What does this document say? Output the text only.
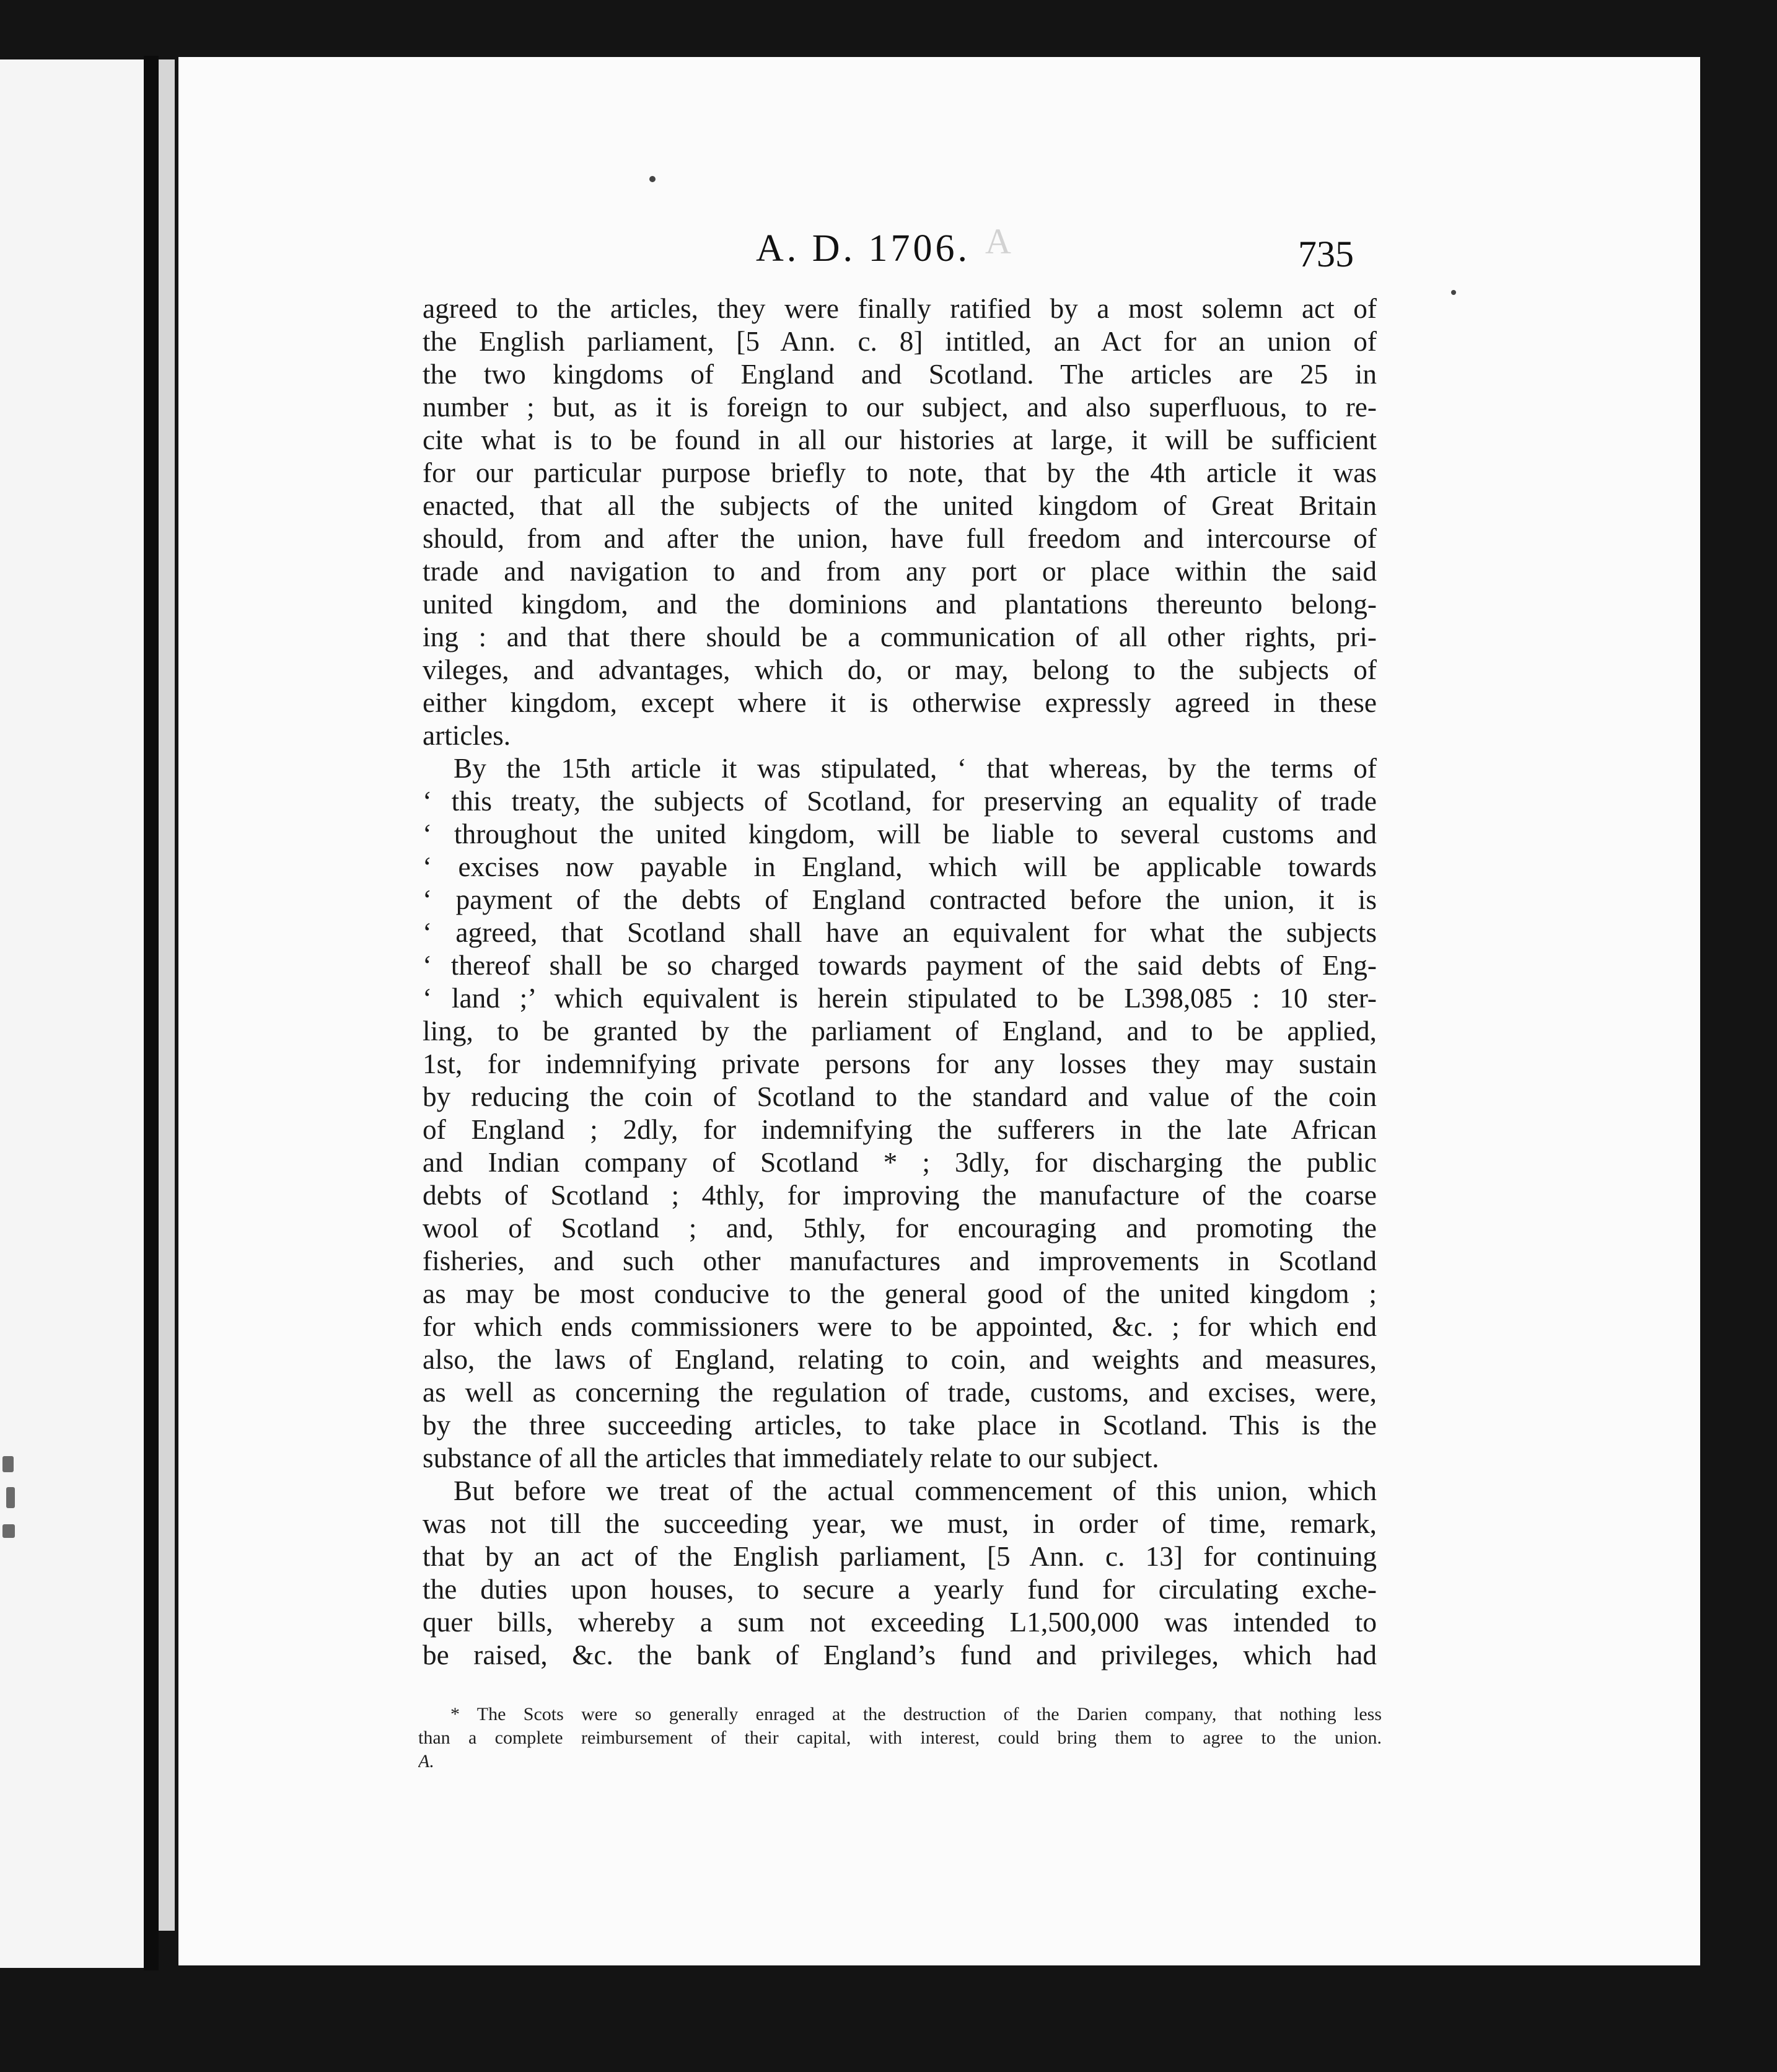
A. D. 1706. A	735
agreed to the articles, they were finally ratified by a most solemn act of
the English parliament, [5 Ann. c. 8] intitled, an Act for an union of
the two kingdoms of England and Scotland. The articles are 25 in
number ; but, as it is foreign to our subject, and also superfluous, to re-
cite what is to be found in all our histories at large, it will be sufficient
for our particular purpose briefly to note, that by the 4th article it was
enacted, that all the subjects of the united kingdom of Great Britain
should, from and after the union, have full freedom and intercourse of
trade and navigation to and from any port or place within the said
united kingdom, and the dominions and plantations thereunto belong-
ing : and that there should be a communication of all other rights, pri-
vileges, and advantages, which do, or may, belong to the subjects of
either kingdom, except where it is otherwise expressly agreed in these
articles.
By the 15th article it was stipulated, ‘ that whereas, by the terms of
‘ this treaty, the subjects of Scotland, for preserving an equality of trade
‘ throughout the united kingdom, will be liable to several customs and
‘ excises now payable in England, which will be applicable towards
‘ payment of the debts of England contracted before the union, it is
‘ agreed, that Scotland shall have an equivalent for what the subjects
‘ thereof shall be so charged towards payment of the said debts of Eng-
‘ land ;’ which equivalent is herein stipulated to be L398,085 : 10 ster-
ling, to be granted by the parliament of England, and to be applied,
1st, for indemnifying private persons for any losses they may sustain
by reducing the coin of Scotland to the standard and value of the coin
of England ; 2dly, for indemnifying the sufferers in the late African
and Indian company of Scotland * ; 3dly, for discharging the public
debts of Scotland ; 4thly, for improving the manufacture of the coarse
wool of Scotland ; and, 5thly, for encouraging and promoting the
fisheries, and such other manufactures and improvements in Scotland
as may be most conducive to the general good of the united kingdom ;
for which ends commissioners were to be appointed, &c. ; for which end
also, the laws of England, relating to coin, and weights and measures,
as well as concerning the regulation of trade, customs, and excises, were,
by the three succeeding articles, to take place in Scotland. This is the
substance of all the articles that immediately relate to our subject.
But before we treat of the actual commencement of this union, which
was not till the succeeding year, we must, in order of time, remark,
that by an act of the English parliament, [5 Ann. c. 13] for continuing
the duties upon houses, to secure a yearly fund for circulating exche-
quer bills, whereby a sum not exceeding L1,500,000 was intended to
be raised, &c. the bank of England’s fund and privileges, which had
* The Scots were so generally enraged at the destruction of the Darien company, that nothing less
than a complete reimbursement of their capital, with interest, could bring them to agree to the union.
A.
